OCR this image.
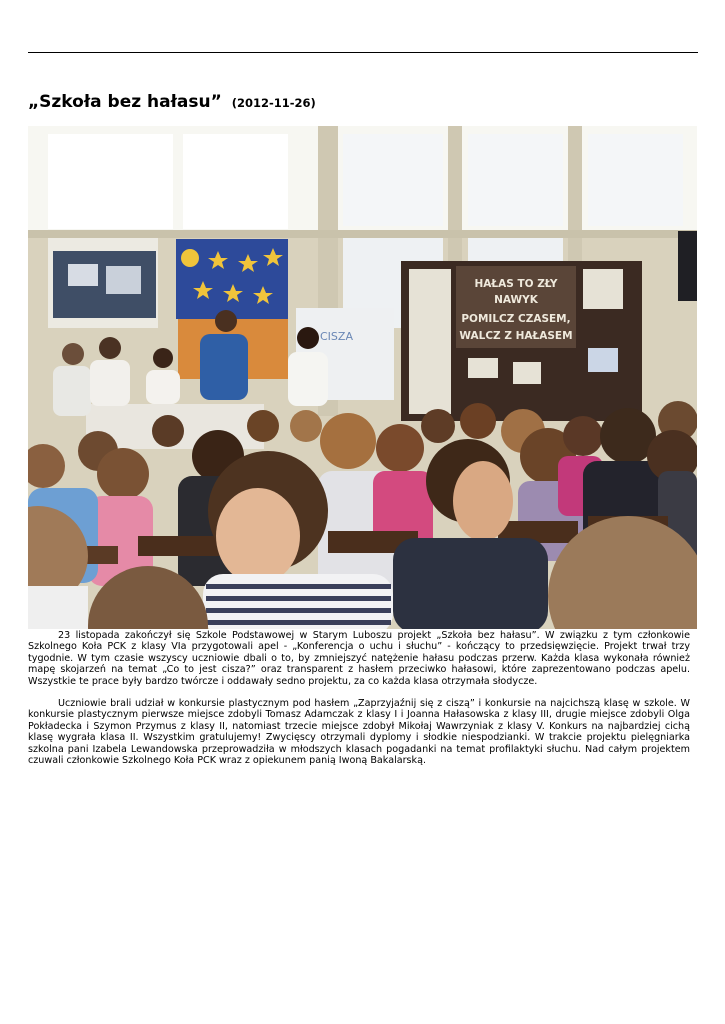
„Szkoła bez hałasu” (2012-11-26)
CISZA
HAŁAS TO ZŁY
NAWYK
POMILCZ CZASEM,
WALCZ Z HAŁASEM

23 listopada zakończył się Szkole Podstawowej w Starym Luboszu projekt „Szkoła bez hałasu”. W związku z tym członkowie Szkolnego Koła PCK z klasy VIa przygotowali apel - „Konferencja o uchu i słuchu” - kończący to przedsięwzięcie. Projekt trwał trzy tygodnie. W tym czasie wszyscy uczniowie dbali o to, by zmniejszyć natężenie hałasu podczas przerw. Każda klasa wykonała również mapę skojarzeń na temat „Co to jest cisza?” oraz transparent z hasłem przeciwko hałasowi, które zaprezentowano podczas apelu. Wszystkie te prace były bardzo twórcze i oddawały sedno projektu, za co każda klasa otrzymała słodycze.

Uczniowie brali udział w konkursie plastycznym pod hasłem „Zaprzyjaźnij się z ciszą” i konkursie na najcichszą klasę w szkole. W konkursie plastycznym pierwsze miejsce zdobyli Tomasz Adamczak z klasy I i Joanna Hałasowska z klasy III, drugie miejsce zdobyli Olga Pokładecka i Szymon Przymus z klasy II, natomiast trzecie miejsce zdobył Mikołaj Wawrzyniak z klasy V. Konkurs na najbardziej cichą klasę wygrała klasa II. Wszystkim gratulujemy! Zwycięscy otrzymali dyplomy i słodkie niespodzianki. W trakcie projektu pielęgniarka szkolna pani Izabela Lewandowska przeprowadziła w młodszych klasach pogadanki na temat profilaktyki słuchu. Nad całym projektem czuwali członkowie Szkolnego Koła PCK wraz z opiekunem panią Iwoną Bakalarską.
